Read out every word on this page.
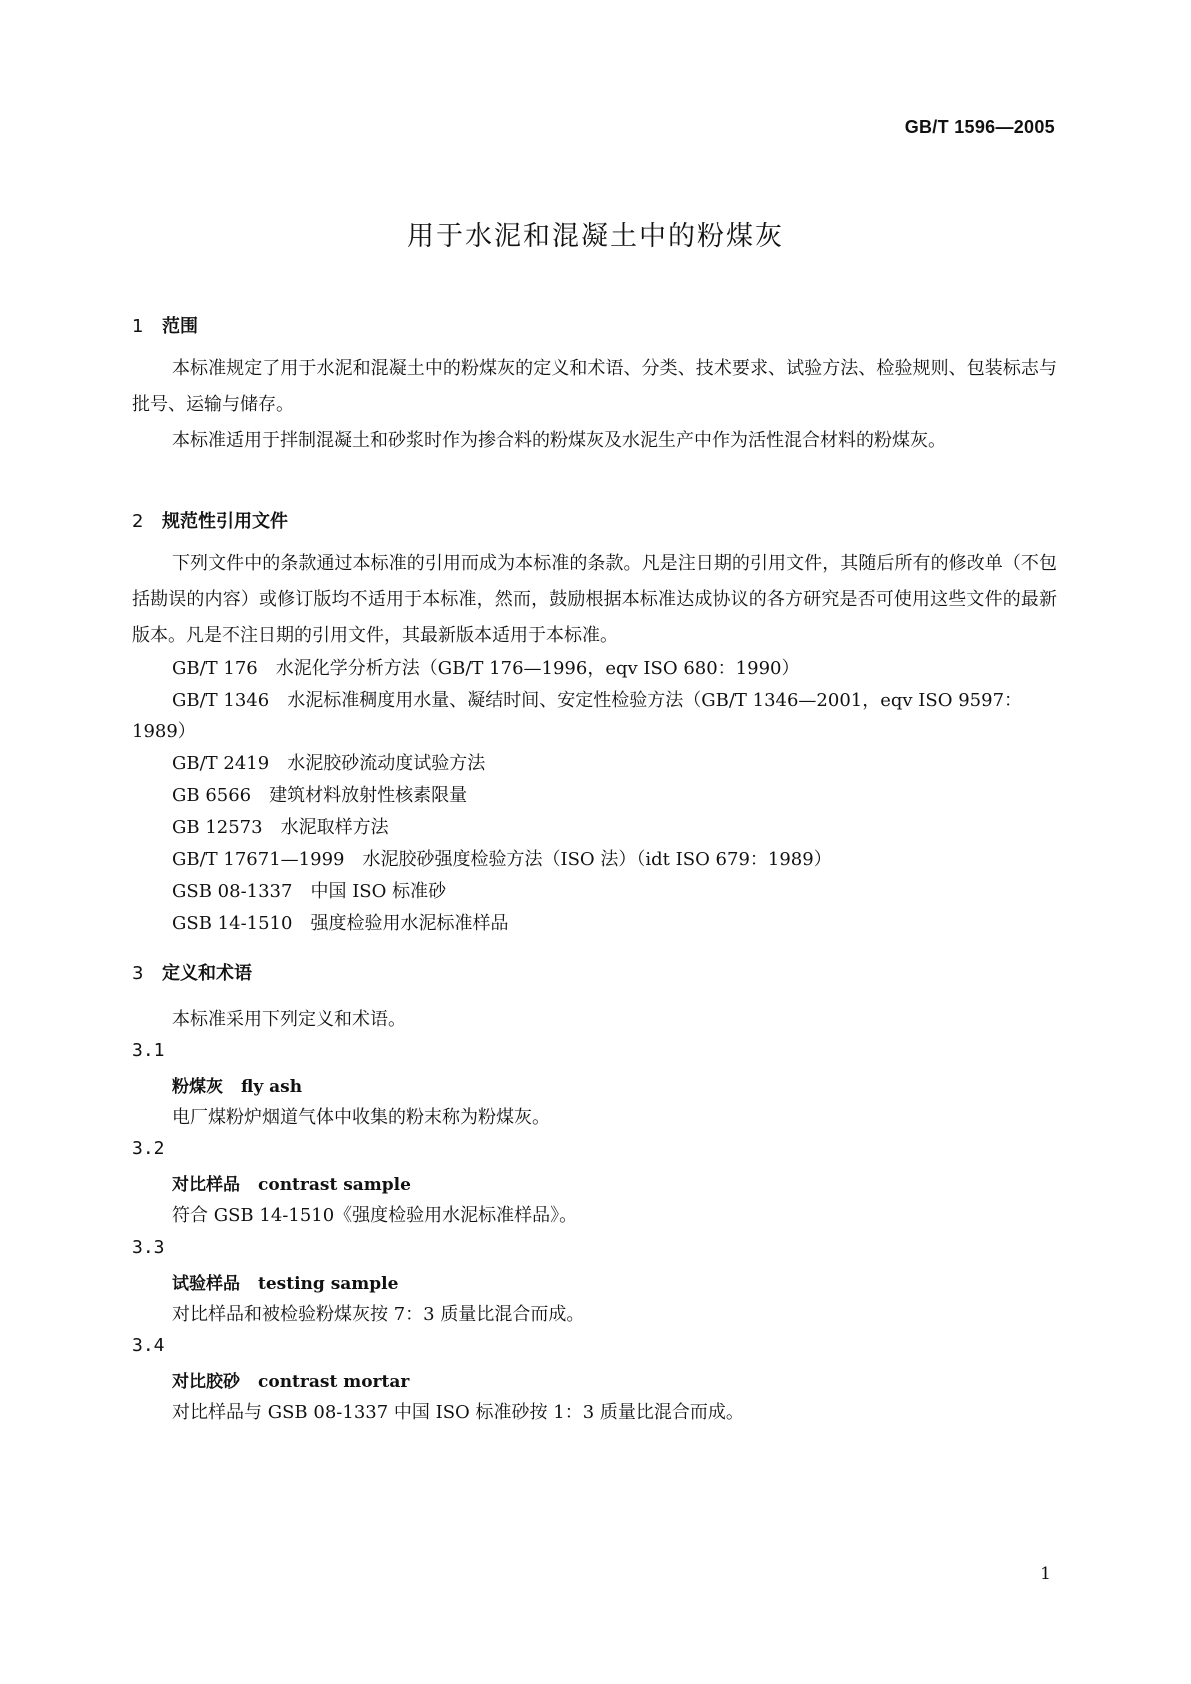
GB/T 1596—2005
用于水泥和混凝土中的粉煤灰
1 范围
本标准规定了用于水泥和混凝土中的粉煤灰的定义和术语、分类、技术要求、试验方法、检验规则、包装标志与批号、运输与储存。
本标准适用于拌制混凝土和砂浆时作为掺合料的粉煤灰及水泥生产中作为活性混合材料的粉煤灰。
2 规范性引用文件
下列文件中的条款通过本标准的引用而成为本标准的条款。凡是注日期的引用文件，其随后所有的修改单（不包括勘误的内容）或修订版均不适用于本标准，然而，鼓励根据本标准达成协议的各方研究是否可使用这些文件的最新版本。凡是不注日期的引用文件，其最新版本适用于本标准。
GB/T 176 水泥化学分析方法（GB/T 176—1996，eqv ISO 680：1990）
GB/T 1346 水泥标准稠度用水量、凝结时间、安定性检验方法（GB/T 1346—2001，eqv ISO 9597：
1989）
GB/T 2419 水泥胶砂流动度试验方法
GB 6566 建筑材料放射性核素限量
GB 12573 水泥取样方法
GB/T 17671—1999 水泥胶砂强度检验方法（ISO 法）（idt ISO 679：1989）
GSB 08-1337 中国 ISO 标准砂
GSB 14-1510 强度检验用水泥标准样品
3 定义和术语
本标准采用下列定义和术语。
3.1
粉煤灰 fly ash
电厂煤粉炉烟道气体中收集的粉末称为粉煤灰。
3.2
对比样品 contrast sample
符合 GSB 14-1510《强度检验用水泥标准样品》。
3.3
试验样品 testing sample
对比样品和被检验粉煤灰按 7：3 质量比混合而成。
3.4
对比胶砂 contrast mortar
对比样品与 GSB 08-1337 中国 ISO 标准砂按 1：3 质量比混合而成。
1
